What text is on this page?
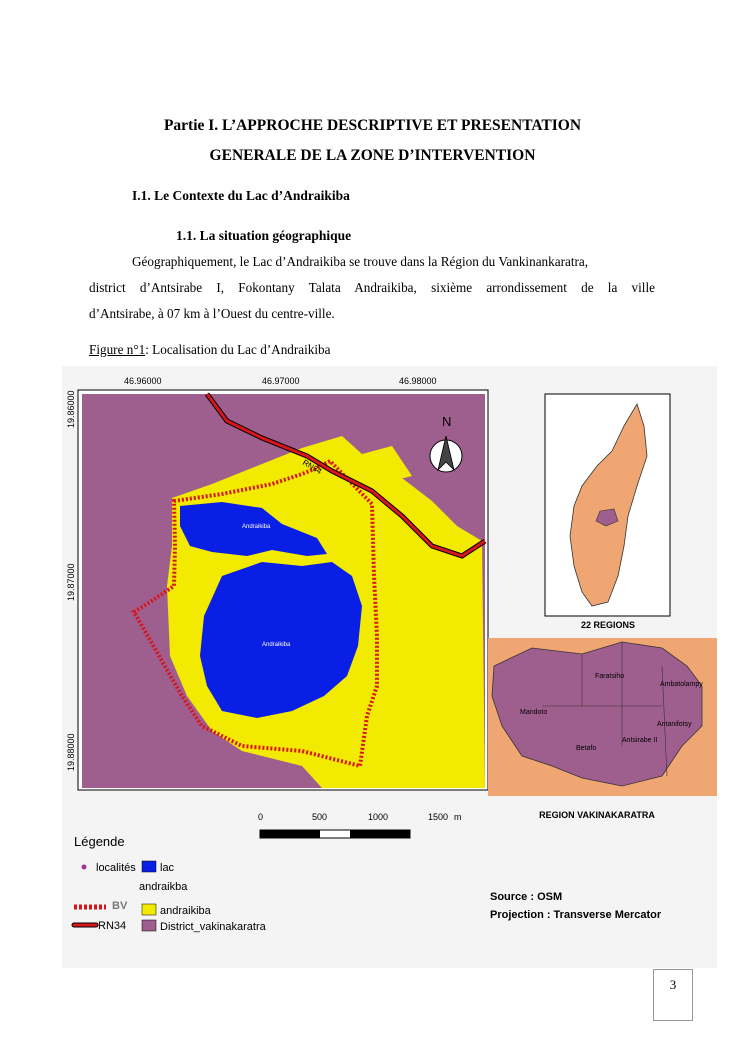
Partie I. L’APPROCHE DESCRIPTIVE ET PRESENTATION
GENERALE DE LA ZONE D’INTERVENTION
I.1. Le Contexte du Lac d’Andraikiba
1.1. La situation géographique
Géographiquement, le Lac d’Andraikiba se trouve dans la Région du Vankinankaratra,
district d’Antsirabe I, Fokontany Talata Andraikiba, sixième arrondissement de la ville
d’Antsirabe, à 07 km à l’Ouest du centre-ville.
Figure n°1: Localisation du Lac d’Andraikiba
RN34
Andraikiba
Andraikiba
N
46.96000	46.97000	46.98000
19.86000
19.87000
19.88000
22 REGIONS
Faratsiho
Ambatolampy
Mandoto
Antanifotsy
Betafo
Antsirabe II
REGION VAKINAKARATRA
0	500	1000	1500 m
Légende
localités lac
andraikba
BV	andraikiba
RN34	District_vakinakaratra
Source : OSM
Projection : Transverse Mercator
3
